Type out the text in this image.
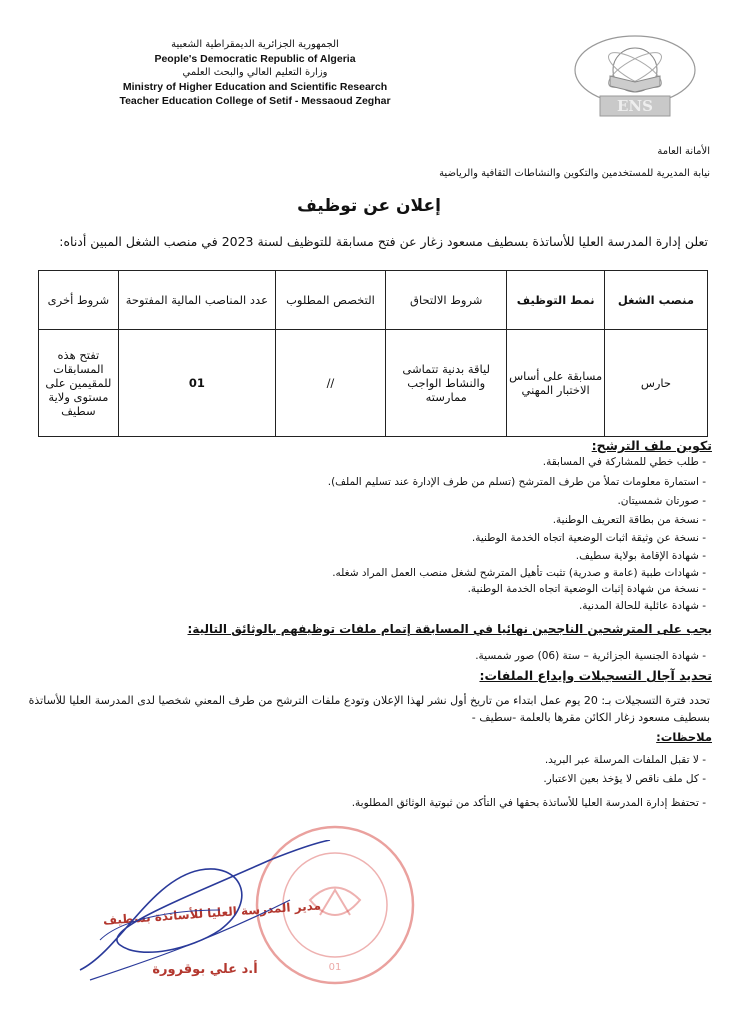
الجمهورية الجزائرية الديمقراطية الشعبية
People's Democratic Republic of Algeria
وزارة التعليم العالي والبحث العلمي
Ministry of Higher Education and Scientific Research
Teacher Education College of Setif - Messaoud Zeghar	ENS
الأمانة العامة
نيابة المديرية للمستخدمين والتكوين والنشاطات الثقافية والرياضية
إعلان عن توظيف
تعلن إدارة المدرسة العليا للأساتذة بسطيف مسعود زغار عن فتح مسابقة للتوظيف لسنة 2023 في منصب الشغل المبين أدناه:
منصب الشغل	نمط التوظيف	شروط الالتحاق	التخصص المطلوب	عدد المناصب المالية المفتوحة	شروط أخرى
حارس	مسابقة على أساس الاختبار المهني	لياقة بدنية تتماشى والنشاط الواجب ممارسته	//	01	تفتح هذه المسابقات للمقيمين على مستوى ولاية سطيف
تكوين ملف الترشح:
- طلب خطي للمشاركة في المسابقة.
- استمارة معلومات تملأ من طرف المترشح (تسلم من طرف الإدارة عند تسليم الملف).
- صورتان شمسيتان.
- نسخة من بطاقة التعريف الوطنية.
- نسخة عن وثيقة اثبات الوضعية اتجاه الخدمة الوطنية.
- شهادة الإقامة بولاية سطيف.
- شهادات طبية (عامة و صدرية) تثبت تأهيل المترشح لشغل منصب العمل المراد شغله.
- نسخة من شهادة إثبات الوضعية اتجاه الخدمة الوطنية.
- شهادة عائلية للحالة المدنية.
يجب على المترشحين الناجحين نهائيا في المسابقة إتمام ملفات توظيفهم بالوثائق التالية:
- شهادة الجنسية الجزائرية – ستة (06) صور شمسية.
تحديد آجال التسجيلات وإيداع الملفات:
تحدد فترة التسجيلات بـ: 20 يوم عمل ابتداء من تاريخ أول نشر لهذا الإعلان وتودع ملفات الترشح من طرف المعني شخصيا لدى المدرسة العليا للأساتذة بسطيف مسعود زغار الكائن مقرها بالعلمة -سطيف -
ملاحظات:
- لا تقبل الملفات المرسلة عبر البريد.
- كل ملف ناقص لا يؤخذ بعين الاعتبار.
- تحتفظ إدارة المدرسة العليا للأساتذة بحقها في التأكد من ثبوتية الوثائق المطلوبة.
01
مدير المدرسة العليا للأساتذة بسطيف
أ.د علي بوقرورة
